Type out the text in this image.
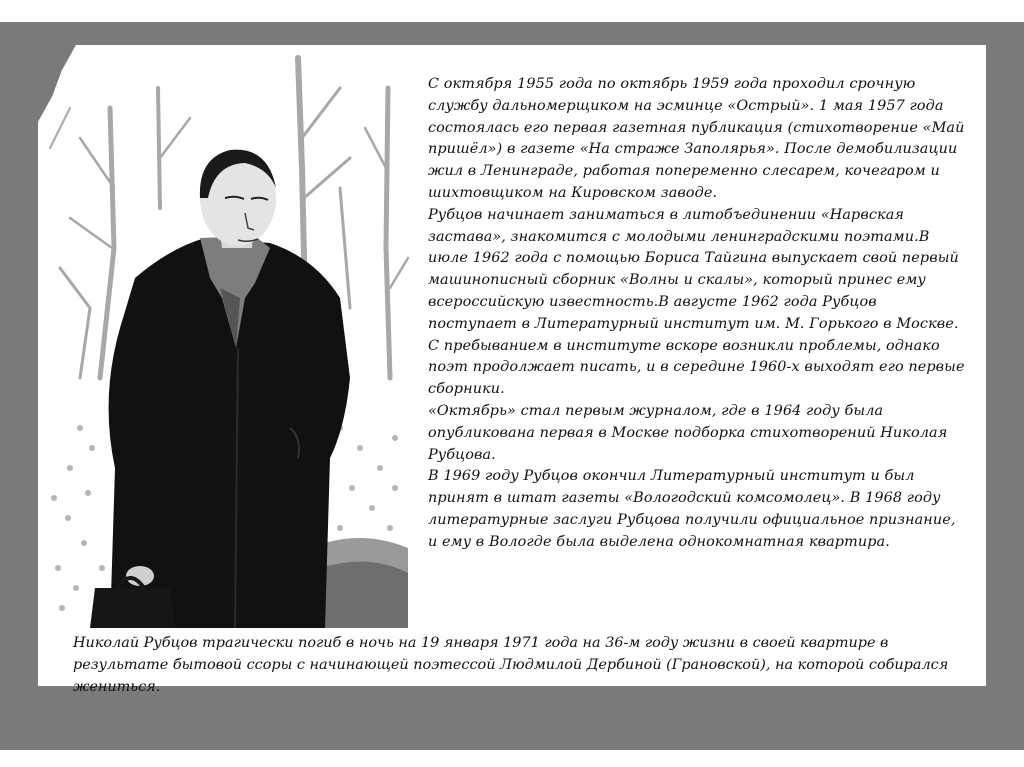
С октября 1955 года по октябрь 1959 года проходил срочную службу дальномерщиком на эсминце «Острый». 1 мая 1957 года состоялась его первая газетная публикация (стихотворение «Май пришёл») в газете «На страже Заполярья». После демобилизации жил в Ленинграде, работая попеременно слесарем, кочегаром и шихтовщиком на Кировском заводе.

Рубцов начинает заниматься в литобъединении «Нарвская застава», знакомится с молодыми ленинградскими поэтами.В июле 1962 года с помощью Бориса Тайгина выпускает свой первый машинописный сборник «Волны и скалы», который принес ему всероссийскую известность.В августе 1962 года Рубцов поступает в Литературный институт им. М. Горького в Москве. С пребыванием в институте вскоре возникли проблемы, однако поэт продолжает писать, и в середине 1960-х выходят его первые сборники.

«Октябрь» стал первым журналом, где в 1964 году была опубликована первая в Москве подборка стихотворений Николая Рубцова.

В 1969 году Рубцов окончил Литературный институт и был принят в штат газеты «Вологодский комсомолец». В 1968 году литературные заслуги Рубцова получили официальное признание, и ему в Вологде была выделена однокомнатная квартира.

Николай Рубцов трагически погиб в ночь на 19 января 1971 года на 36-м году жизни в своей квартире в результате бытовой ссоры с начинающей поэтессой Людмилой Дербиной (Грановской), на которой собирался жениться.
